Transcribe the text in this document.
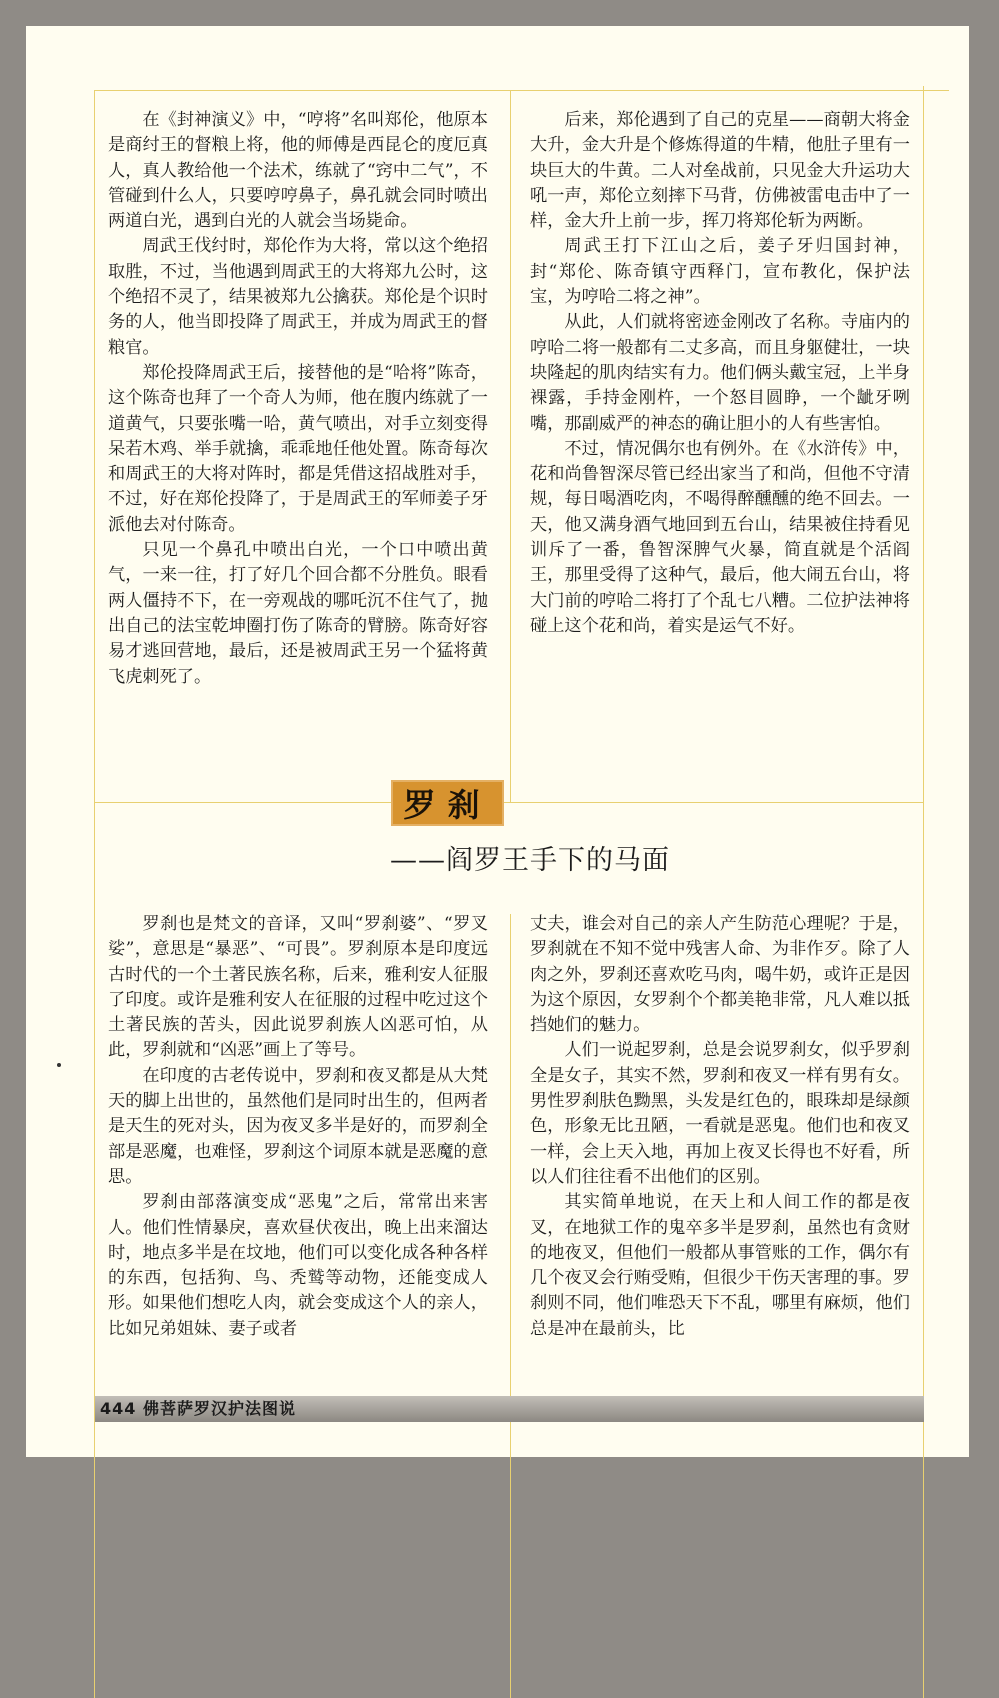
在《封神演义》中，“哼将”名叫郑伦，他原本是商纣王的督粮上将，他的师傅是西昆仑的度厄真人，真人教给他一个法术，练就了“窍中二气”，不管碰到什么人，只要哼哼鼻子，鼻孔就会同时喷出两道白光，遇到白光的人就会当场毙命。

周武王伐纣时，郑伦作为大将，常以这个绝招取胜，不过，当他遇到周武王的大将郑九公时，这个绝招不灵了，结果被郑九公擒获。郑伦是个识时务的人，他当即投降了周武王，并成为周武王的督粮官。

郑伦投降周武王后，接替他的是“哈将”陈奇，这个陈奇也拜了一个奇人为师，他在腹内练就了一道黄气，只要张嘴一哈，黄气喷出，对手立刻变得呆若木鸡、举手就擒，乖乖地任他处置。陈奇每次和周武王的大将对阵时，都是凭借这招战胜对手，不过，好在郑伦投降了，于是周武王的军师姜子牙派他去对付陈奇。

只见一个鼻孔中喷出白光，一个口中喷出黄气，一来一往，打了好几个回合都不分胜负。眼看两人僵持不下，在一旁观战的哪吒沉不住气了，抛出自己的法宝乾坤圈打伤了陈奇的臂膀。陈奇好容易才逃回营地，最后，还是被周武王另一个猛将黄飞虎刺死了。

后来，郑伦遇到了自己的克星——商朝大将金大升，金大升是个修炼得道的牛精，他肚子里有一块巨大的牛黄。二人对垒战前，只见金大升运功大吼一声，郑伦立刻摔下马背，仿佛被雷电击中了一样，金大升上前一步，挥刀将郑伦斩为两断。

周武王打下江山之后，姜子牙归国封神，封“郑伦、陈奇镇守西释门，宣布教化，保护法宝，为哼哈二将之神”。

从此，人们就将密迹金刚改了名称。寺庙内的哼哈二将一般都有二丈多高，而且身躯健壮，一块块隆起的肌肉结实有力。他们俩头戴宝冠，上半身裸露，手持金刚杵，一个怒目圆睁，一个龇牙咧嘴，那副威严的神态的确让胆小的人有些害怕。

不过，情况偶尔也有例外。在《水浒传》中，花和尚鲁智深尽管已经出家当了和尚，但他不守清规，每日喝酒吃肉，不喝得醉醺醺的绝不回去。一天，他又满身酒气地回到五台山，结果被住持看见训斥了一番，鲁智深脾气火暴，简直就是个活阎王，那里受得了这种气，最后，他大闹五台山，将大门前的哼哈二将打了个乱七八糟。二位护法神将碰上这个花和尚，着实是运气不好。

罗刹
——阎罗王手下的马面

罗刹也是梵文的音译，又叫“罗刹婆”、“罗叉娑”，意思是“暴恶”、“可畏”。罗刹原本是印度远古时代的一个土著民族名称，后来，雅利安人征服了印度。或许是雅利安人在征服的过程中吃过这个土著民族的苦头，因此说罗刹族人凶恶可怕，从此，罗刹就和“凶恶”画上了等号。

在印度的古老传说中，罗刹和夜叉都是从大梵天的脚上出世的，虽然他们是同时出生的，但两者是天生的死对头，因为夜叉多半是好的，而罗刹全部是恶魔，也难怪，罗刹这个词原本就是恶魔的意思。

罗刹由部落演变成“恶鬼”之后，常常出来害人。他们性情暴戾，喜欢昼伏夜出，晚上出来溜达时，地点多半是在坟地，他们可以变化成各种各样的东西，包括狗、鸟、秃鹫等动物，还能变成人形。如果他们想吃人肉，就会变成这个人的亲人，比如兄弟姐妹、妻子或者

丈夫，谁会对自己的亲人产生防范心理呢？于是，罗刹就在不知不觉中残害人命、为非作歹。除了人肉之外，罗刹还喜欢吃马肉，喝牛奶，或许正是因为这个原因，女罗刹个个都美艳非常，凡人难以抵挡她们的魅力。

人们一说起罗刹，总是会说罗刹女，似乎罗刹全是女子，其实不然，罗刹和夜叉一样有男有女。男性罗刹肤色黝黑，头发是红色的，眼珠却是绿颜色，形象无比丑陋，一看就是恶鬼。他们也和夜叉一样，会上天入地，再加上夜叉长得也不好看，所以人们往往看不出他们的区别。

其实简单地说，在天上和人间工作的都是夜叉，在地狱工作的鬼卒多半是罗刹，虽然也有贪财的地夜叉，但他们一般都从事管账的工作，偶尔有几个夜叉会行贿受贿，但很少干伤天害理的事。罗刹则不同，他们唯恐天下不乱，哪里有麻烦，他们总是冲在最前头，比

444 佛菩萨罗汉护法图说
